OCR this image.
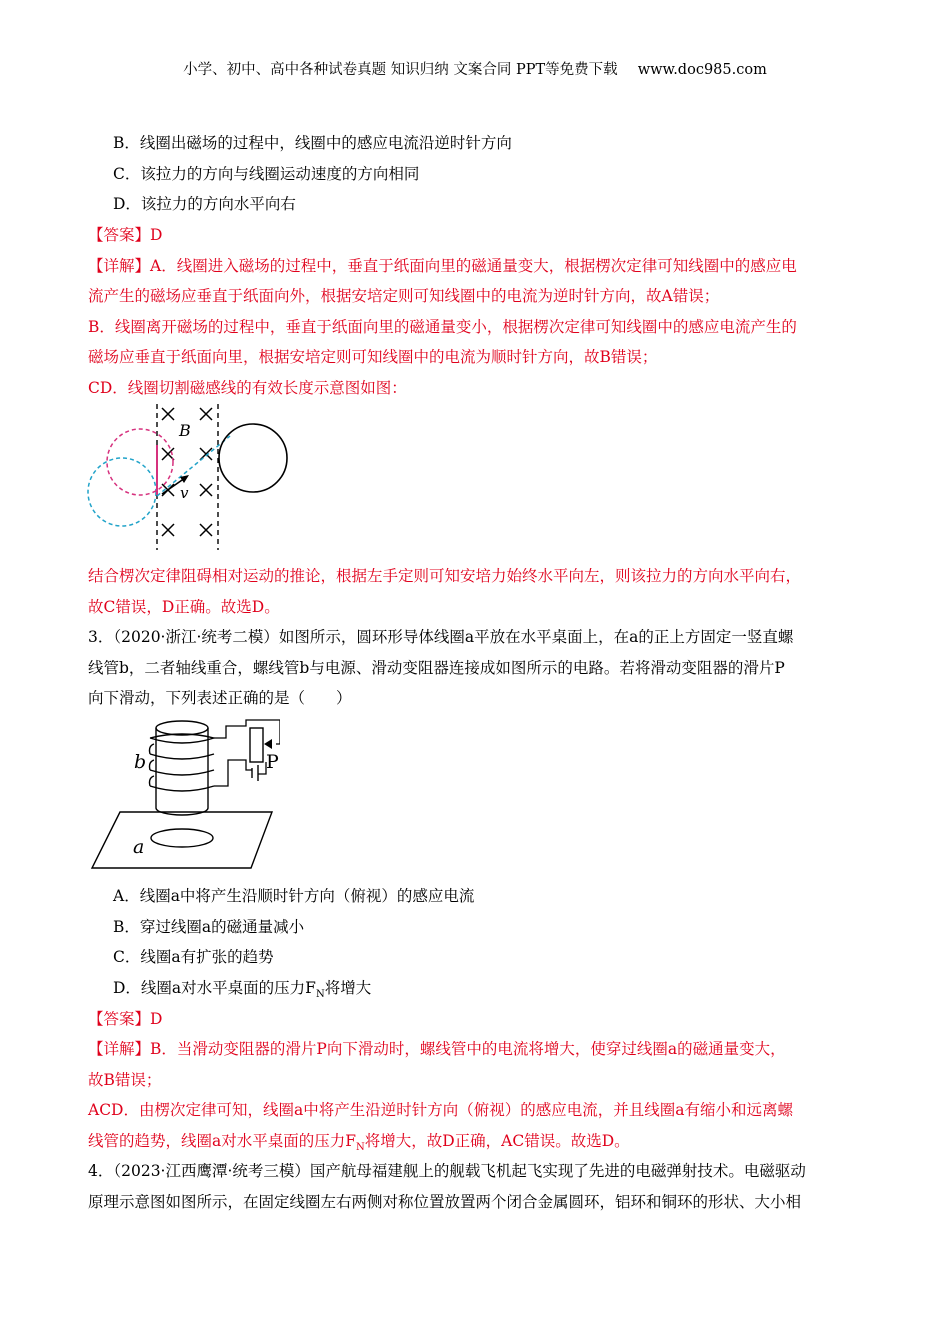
小学、初中、高中各种试卷真题 知识归纳 文案合同 PPT等免费下载 www.doc985.com
B．线圈出磁场的过程中，线圈中的感应电流沿逆时针方向
C．该拉力的方向与线圈运动速度的方向相同
D．该拉力的方向水平向右
【答案】D
【详解】A．线圈进入磁场的过程中，垂直于纸面向里的磁通量变大，根据楞次定律可知线圈中的感应电
流产生的磁场应垂直于纸面向外，根据安培定则可知线圈中的电流为逆时针方向，故A错误；
B．线圈离开磁场的过程中，垂直于纸面向里的磁通量变小，根据楞次定律可知线圈中的感应电流产生的
磁场应垂直于纸面向里，根据安培定则可知线圈中的电流为顺时针方向，故B错误；
CD．线圈切割磁感线的有效长度示意图如图：
B
v
结合楞次定律阻碍相对运动的推论，根据左手定则可知安培力始终水平向左，则该拉力的方向水平向右，
故C错误，D正确。故选D。
3．（2020·浙江·统考二模）如图所示，圆环形导体线圈a平放在水平桌面上，在a的正上方固定一竖直螺
线管b，二者轴线重合，螺线管b与电源、滑动变阻器连接成如图所示的电路。若将滑动变阻器的滑片P
向下滑动，下列表述正确的是（　　）
b
a
P
A．线圈a中将产生沿顺时针方向（俯视）的感应电流
B．穿过线圈a的磁通量减小
C．线圈a有扩张的趋势
D．线圈a对水平桌面的压力$F_N$将增大
【答案】D
【详解】B．当滑动变阻器的滑片P向下滑动时，螺线管中的电流将增大，使穿过线圈a的磁通量变大，
故B错误；
ACD．由楞次定律可知，线圈a中将产生沿逆时针方向（俯视）的感应电流，并且线圈a有缩小和远离螺
线管的趋势，线圈a对水平桌面的压力$F_N$将增大，故D正确，AC错误。故选D。
4．（2023·江西鹰潭·统考三模）国产航母福建舰上的舰载飞机起飞实现了先进的电磁弹射技术。电磁驱动
原理示意图如图所示，在固定线圈左右两侧对称位置放置两个闭合金属圆环，铝环和铜环的形状、大小相
